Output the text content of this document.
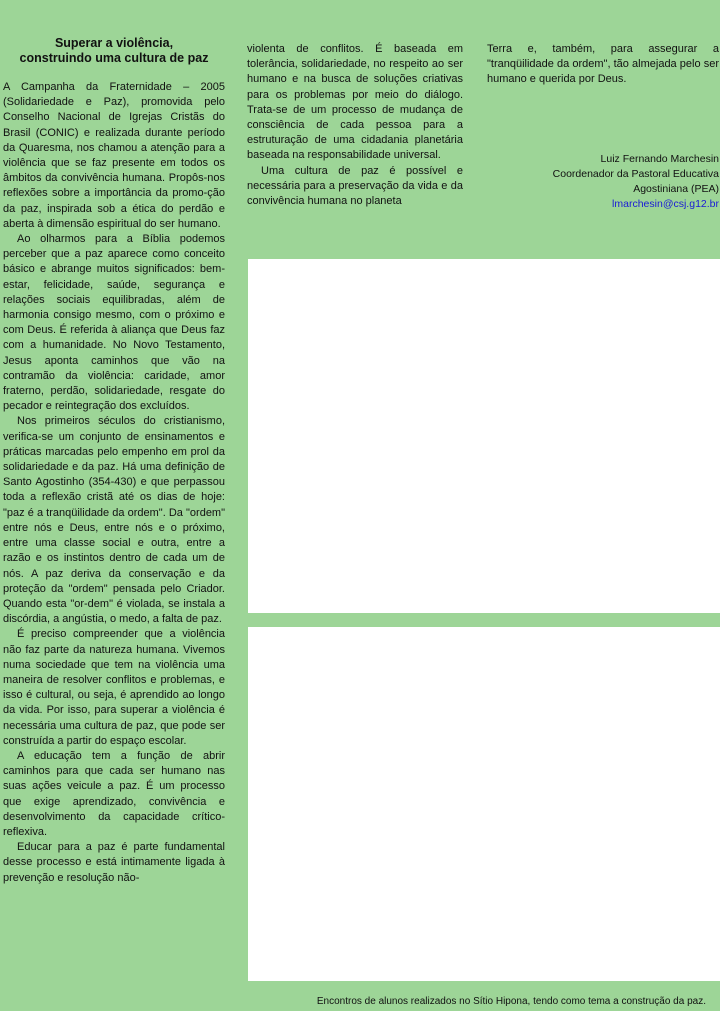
Superar a violência,
construindo uma cultura de paz

A Campanha da Fraternidade – 2005 (Solidariedade e Paz), promovida pelo Conselho Nacional de Igrejas Cristãs do Brasil (CONIC) e realizada durante período da Quaresma, nos chamou a atenção para a violência que se faz presente em todos os âmbitos da convivência humana. Propôs-nos reflexões sobre a importância da promo-ção da paz, inspirada sob a ética do perdão e aberta à dimensão espiritual do ser humano.

Ao olharmos para a Bíblia podemos perceber que a paz aparece como conceito básico e abrange muitos significados: bem-estar, felicidade, saúde, segurança e relações sociais equilibradas, além de harmonia consigo mesmo, com o próximo e com Deus. É referida à aliança que Deus faz com a humanidade. No Novo Testamento, Jesus aponta caminhos que vão na contramão da violência: caridade, amor fraterno, perdão, solidariedade, resgate do pecador e reintegração dos excluídos.

Nos primeiros séculos do cristianismo, verifica-se um conjunto de ensinamentos e práticas marcadas pelo empenho em prol da solidariedade e da paz. Há uma definição de Santo Agostinho (354-430) e que perpassou toda a reflexão cristã até os dias de hoje: "paz é a tranqüilidade da ordem". Da "ordem" entre nós e Deus, entre nós e o próximo, entre uma classe social e outra, entre a razão e os instintos dentro de cada um de nós. A paz deriva da conservação e da proteção da "ordem" pensada pelo Criador. Quando esta "or-dem" é violada, se instala a discórdia, a angústia, o medo, a falta de paz.

É preciso compreender que a violência não faz parte da natureza humana. Vivemos numa sociedade que tem na violência uma maneira de resolver conflitos e problemas, e isso é cultural, ou seja, é aprendido ao longo da vida. Por isso, para superar a violência é necessária uma cultura de paz, que pode ser construída a partir do espaço escolar.

A educação tem a função de abrir caminhos para que cada ser humano nas suas ações veicule a paz. É um processo que exige aprendizado, convivência e desenvolvimento da capacidade crítico-reflexiva.

Educar para a paz é parte fundamental desse processo e está intimamente ligada à prevenção e resolução não-

violenta de conflitos. É baseada em tolerância, solidariedade, no respeito ao ser humano e na busca de soluções criativas para os problemas por meio do diálogo. Trata-se de um processo de mudança de consciência de cada pessoa para a estruturação de uma cidadania planetária baseada na responsabilidade universal.

Uma cultura de paz é possível e necessária para a preservação da vida e da convivência humana no planeta

Terra e, também, para assegurar a "tranqüilidade da ordem", tão almejada pelo ser humano e querida por Deus.

Luiz Fernando Marchesin
Coordenador da Pastoral Educativa
Agostiniana (PEA)
lmarchesin@csj.g12.br
Encontros de alunos realizados no Sítio Hipona, tendo como tema a construção da paz.
